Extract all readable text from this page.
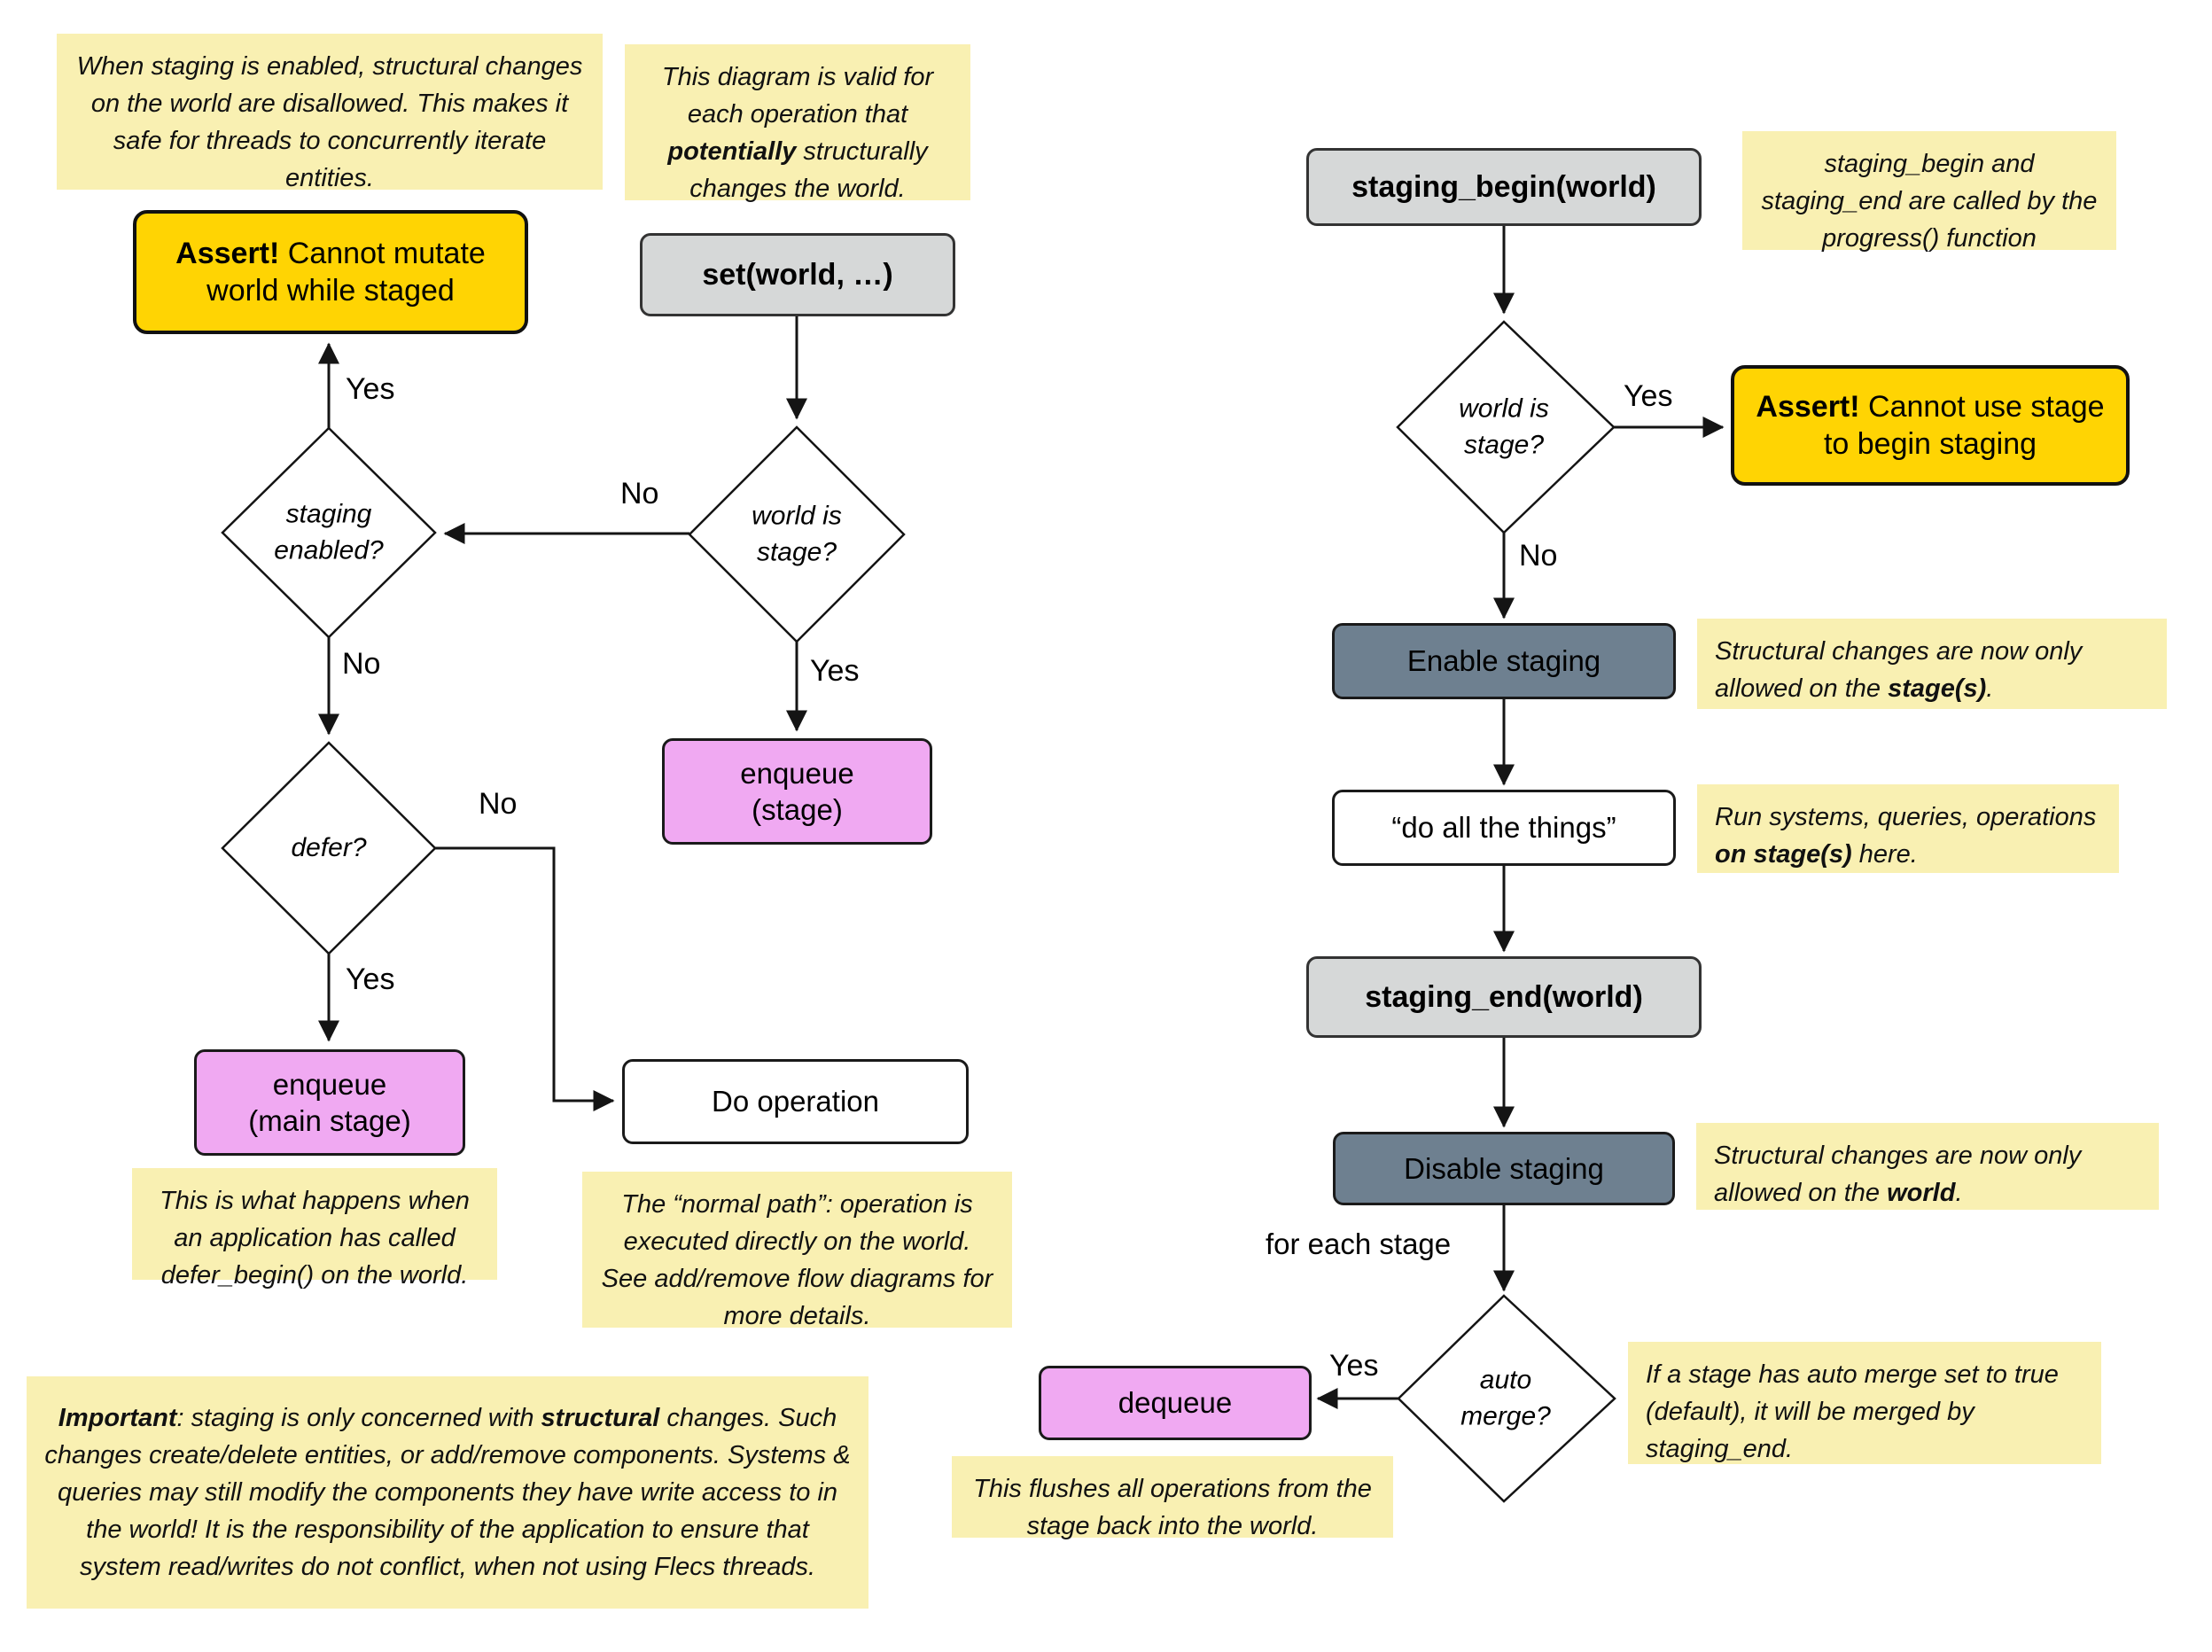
When staging is enabled, structural changes on the world are disallowed. This makes it safe for threads to concurrently iterate entities.
This diagram is valid for each operation that potentially structurally changes the world.
This is what happens when an application has called defer_begin() on the world.
The “normal path”: operation is executed directly on the world. See add/remove flow diagrams for more details.
Important: staging is only concerned with structural changes. Such changes create/delete entities, or add/remove components. Systems & queries may still modify the components they have write access to in the world! It is the responsibility of the application to ensure that system read/writes do not conflict, when not using Flecs threads.
Assert! Cannot mutate world while staged	set(world, …)
staging enabled?
world is stage?
enqueue
(stage)
defer?
enqueue
(main stage)
Do operation
Yes
No
Yes
No
No
Yes
staging_begin and staging_end are called by the progress() function
Structural changes are now only allowed on the stage(s).
Run systems, queries, operations on stage(s) here.
Structural changes are now only allowed on the world.
If a stage has auto merge set to true (default), it will be merged by staging_end.
This flushes all operations from the stage back into the world.
staging_begin(world)
world is stage?
Assert! Cannot use stage to begin staging
Enable staging
“do all the things”
staging_end(world)
Disable staging
auto merge?
dequeue
Yes
No
for each stage
Yes
